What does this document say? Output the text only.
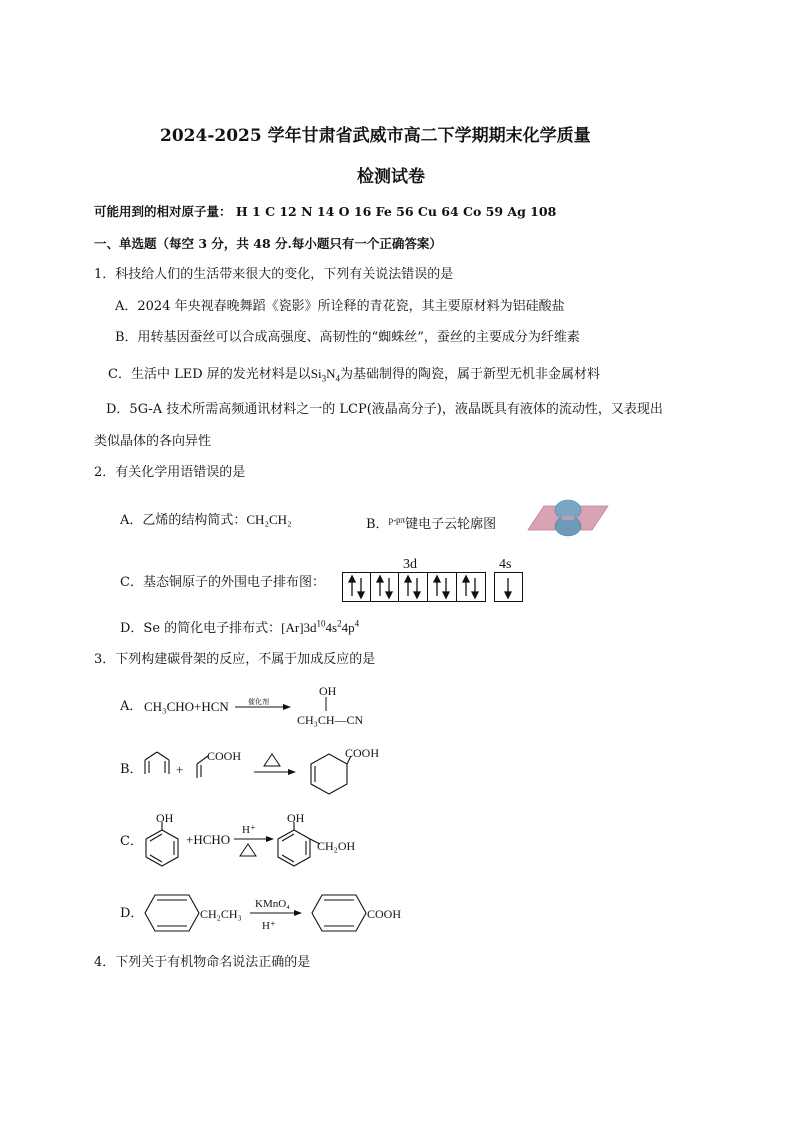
2024-2025 学年甘肃省武威市高二下学期期末化学质量
检测试卷
可能用到的相对原子量： H 1 C 12 N 14 O 16 Fe 56 Cu 64 Co 59 Ag 108
一、单选题（每空 3 分，共 48 分.每小题只有一个正确答案）
1．科技给人们的生活带来很大的变化，下列有关说法错误的是
A．2024 年央视春晚舞蹈《瓷影》所诠释的青花瓷，其主要原材料为铝硅酸盐
B．用转基因蚕丝可以合成高强度、高韧性的“蜘蛛丝”，蚕丝的主要成分为纤维素
C．生活中 LED 屏的发光材料是以$Si_3N_4$为基础制得的陶瓷，属于新型无机非金属材料
D．5G-A 技术所需高频通讯材料之一的 LCP(液晶高分子)，液晶既具有液体的流动性，又表现出
类似晶体的各向异性
2．有关化学用语错误的是
A．乙烯的结构简式：CH₂CH₂	B．$^{p-p\pi}$键电子云轮廓图
C．基态铜原子的外围电子排布图：
3d	4s
D．Se 的简化电子排布式：$[Ar]3d^{10}4s^24p^4$
3．下列构建碳骨架的反应，不属于加成反应的是
A． CH₃CHO+HCN	催化剂
OH
CH₃CH—CN
B．	+
COOH	COOH
C．
OH
+HCHO
H⁺
OH
CH₂OH
D．	CH₂CH₃
KMnO₄
H⁺
COOH
4．下列关于有机物命名说法正确的是
